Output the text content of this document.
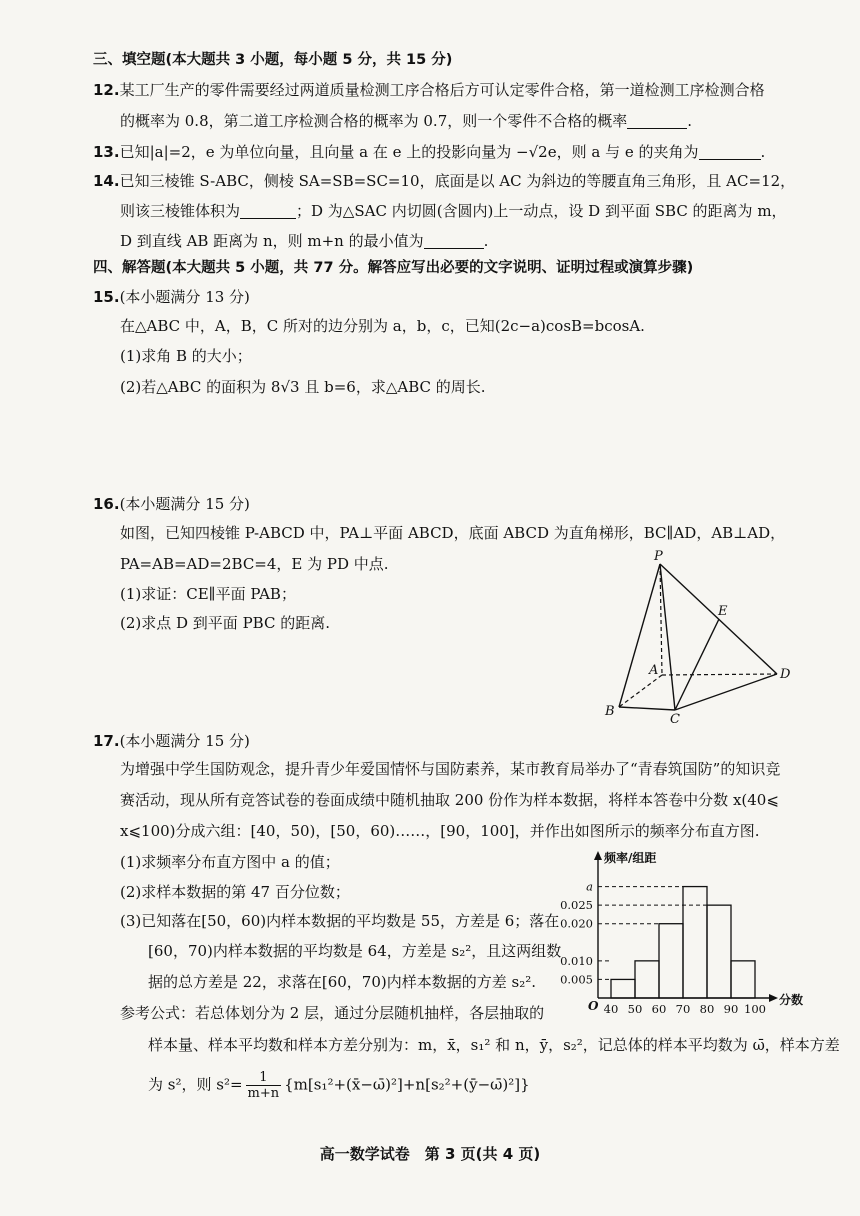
三、填空题(本大题共 3 小题，每小题 5 分，共 15 分)
12.某工厂生产的零件需要经过两道质量检测工序合格后方可认定零件合格，第一道检测工序检测合格
的概率为 0.8，第二道工序检测合格的概率为 0.7，则一个零件不合格的概率	.
13.已知|a|=2，e 为单位向量，且向量 a 在 e 上的投影向量为 −√2e，则 a 与 e 的夹角为	.
14.已知三棱锥 S-ABC，侧棱 SA=SB=SC=10，底面是以 AC 为斜边的等腰直角三角形，且 AC=12，
则该三棱锥体积为	；D 为△SAC 内切圆(含圆内)上一动点，设 D 到平面 SBC 的距离为 m，
D 到直线 AB 距离为 n，则 m+n 的最小值为	.
四、解答题(本大题共 5 小题，共 77 分。解答应写出必要的文字说明、证明过程或演算步骤)
15.(本小题满分 13 分)
在△ABC 中，A，B，C 所对的边分别为 a，b，c，已知(2c−a)cosB=bcosA.
(1)求角 B 的大小；
(2)若△ABC 的面积为 8√3 且 b=6，求△ABC 的周长.
16.(本小题满分 15 分)
如图，已知四棱锥 P-ABCD 中，PA⊥平面 ABCD，底面 ABCD 为直角梯形，BC∥AD，AB⊥AD，
PA=AB=AD=2BC=4，E 为 PD 中点.
(1)求证：CE∥平面 PAB；
(2)求点 D 到平面 PBC 的距离.
P
E
A	D
B
C
17.(本小题满分 15 分)
为增强中学生国防观念，提升青少年爱国情怀与国防素养，某市教育局举办了“青春筑国防”的知识竞
赛活动，现从所有竞答试卷的卷面成绩中随机抽取 200 份作为样本数据，将样本答卷中分数 x(40⩽
x⩽100)分成六组：[40，50)，[50，60)……，[90，100]，并作出如图所示的频率分布直方图.
(1)求频率分布直方图中 a 的值；
(2)求样本数据的第 47 百分位数；
(3)已知落在[50，60)内样本数据的平均数是 55，方差是 6；落在
[60，70)内样本数据的平均数是 64，方差是 s₂²，且这两组数
据的总方差是 22，求落在[60，70)内样本数据的方差 s₂².
参考公式：若总体划分为 2 层，通过分层随机抽样，各层抽取的
样本量、样本平均数和样本方差分别为：m，x̄，s₁² 和 n，ȳ，s₂²，记总体的样本平均数为 ω̄，样本方差
为 s²，则 $s^2= \frac{1}{m+n}$ {m[s₁²+(x̄−ω̄)²]+n[s₂²+(ȳ−ω̄)²]}
0.005
0.010
0.020
0.025
a
40 50 60 70 80 90 100
O
频率/组距
分数
高一数学试卷　第 3 页(共 4 页)
